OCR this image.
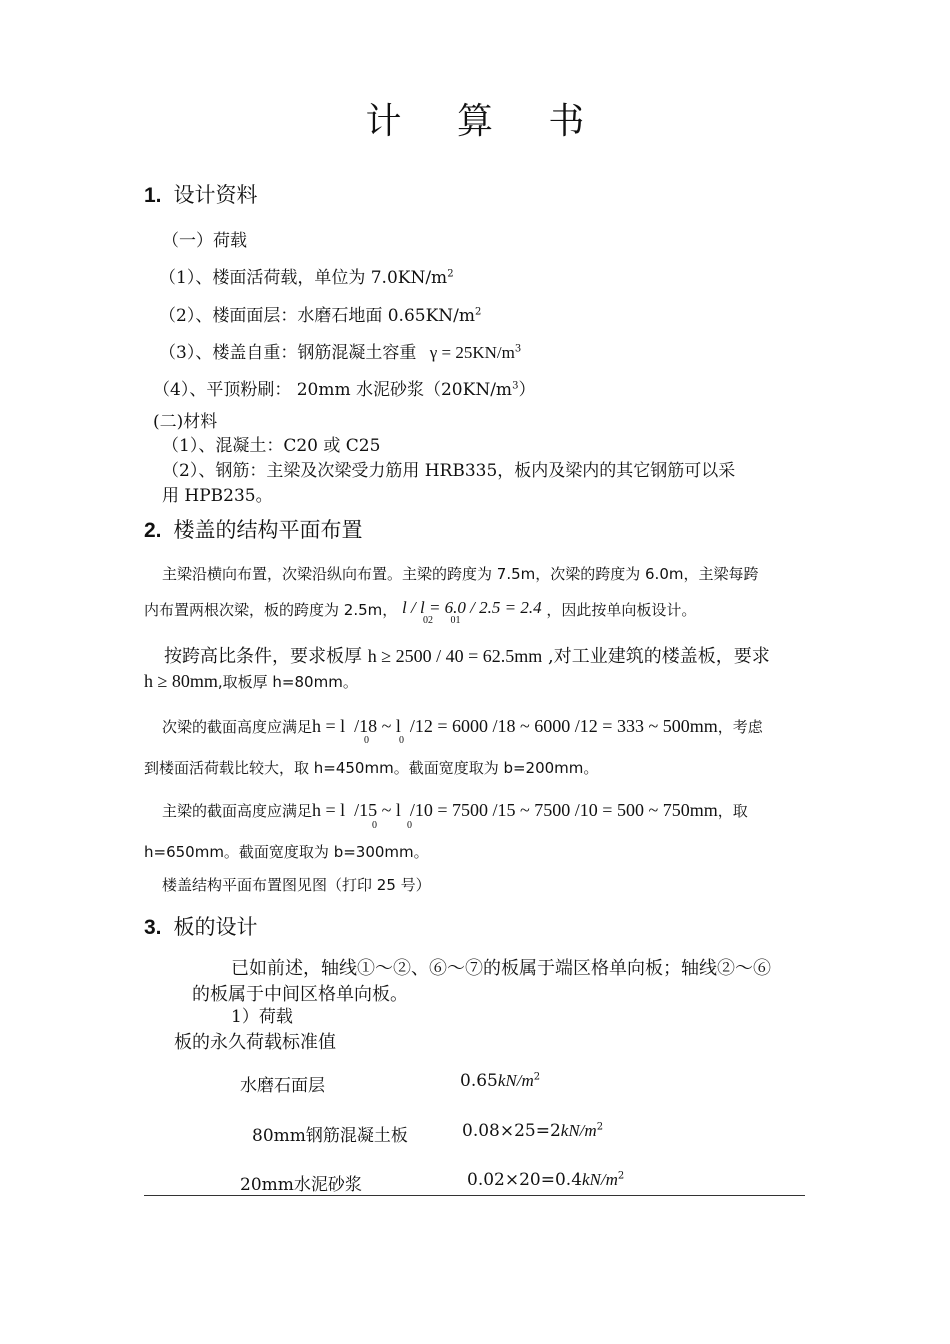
计 算 书
1. 设计资料
（一）荷载
（1）、楼面活荷载，单位为 $7.0KN/m^2$
（2）、楼面面层：水磨石地面 $0.65KN/m^2$
（3）、楼盖自重：钢筋混凝土容重 $\gamma = 25KN/m^3$
（4）、平顶粉刷： 20mm 水泥砂浆$(20KN/m^3)$
(二)材料
（1）、混凝土：C20 或 C25
（2）、钢筋：主梁及次梁受力筋用 HRB335，板内及梁内的其它钢筋可以采
用 HPB235。
2. 楼盖的结构平面布置
主梁沿横向布置，次梁沿纵向布置。主梁的跨度为 7.5m，次梁的跨度为 6.0m，主梁每跨
内布置两根次梁，板的跨度为 2.5m， l / l = 6.0 / 2.5 = 2.4 ，因此按单向板设计。
02       01
按跨高比条件，要求板厚 h ≥ 2500 / 40 = 62.5mm ,对工业建筑的楼盖板，要求
h ≥ 80mm,取板厚 h=80mm。
次梁的截面高度应满足h = l  /18 ~ l  /12 = 6000 /18 ~ 6000 /12 = 333 ~ 500mm，考虑
0            0
到楼面活荷载比较大，取 h=450mm。截面宽度取为 b=200mm。
主梁的截面高度应满足h = l  /15 ~ l  /10 = 7500 /15 ~ 7500 /10 = 500 ~ 750mm，取
0            0
h=650mm。截面宽度取为 b=300mm。
楼盖结构平面布置图见图（打印 25 号）
3. 板的设计
已如前述，轴线①～②、⑥～⑦的板属于端区格单向板；轴线②～⑥
的板属于中间区格单向板。
1）荷载
板的永久荷载标准值
水磨石面层	$0.65kN/m^2$
80mm钢筋混凝土板	$0.08\times 25=2kN/m^2$
20mm水泥砂浆	$0.02\times 20=0.4kN/m^2$
